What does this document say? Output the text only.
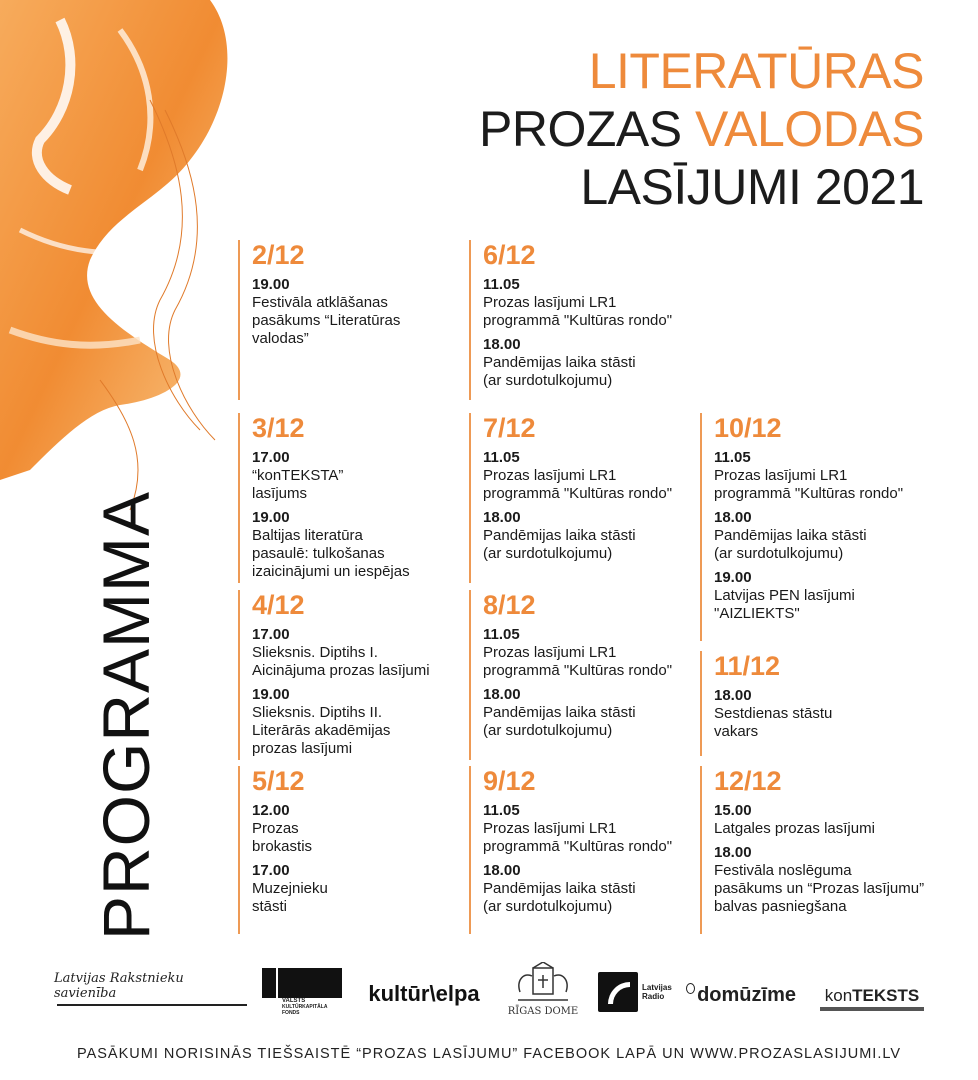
PROGRAMMA
LITERATŪRAS
PROZAS VALODAS
LASĪJUMI 2021
2/12
19.00
Festivāla atklāšanas
pasākums “Literatūras
valodas”
3/12
17.00
“konTEKSTA”
lasījums
19.00
Baltijas literatūra
pasaulē: tulkošanas
izaicinājumi un iespējas
4/12
17.00
Slieksnis. Diptihs I.
Aicinājuma prozas lasījumi
19.00
Slieksnis. Diptihs II.
Literārās akadēmijas
prozas lasījumi
5/12
12.00
Prozas
brokastis
17.00
Muzejnieku
stāsti
6/12
11.05
Prozas lasījumi LR1
programmā "Kultūras rondo"
18.00
Pandēmijas laika stāsti
(ar surdotulkojumu)
7/12
11.05
Prozas lasījumi LR1
programmā "Kultūras rondo"
18.00
Pandēmijas laika stāsti
(ar surdotulkojumu)
8/12
11.05
Prozas lasījumi LR1
programmā "Kultūras rondo"
18.00
Pandēmijas laika stāsti
(ar surdotulkojumu)
9/12
11.05
Prozas lasījumi LR1
programmā "Kultūras rondo"
18.00
Pandēmijas laika stāsti
(ar surdotulkojumu)
10/12
11.05
Prozas lasījumi LR1
programmā "Kultūras rondo"
18.00
Pandēmijas laika stāsti
(ar surdotulkojumu)
19.00
Latvijas PEN lasījumi
"AIZLIEKTS"
11/12
18.00
Sestdienas stāstu
vakars
12/12
15.00
Latgales prozas lasījumi
18.00
Festivāla noslēguma
pasākums un “Prozas lasījumu”
balvas pasniegšana
Latvijas Rakstnieku savienība
VALSTS
KULTŪRKAPITĀLA FONDS
kultūr\elpa
RĪGAS DOME
Latvijas
Radio	domūzīme konTEKSTS
PASĀKUMI NORISINĀS TIEŠSAISTĒ “PROZAS LASĪJUMU” FACEBOOK LAPĀ UN WWW.PROZASLASIJUMI.LV
